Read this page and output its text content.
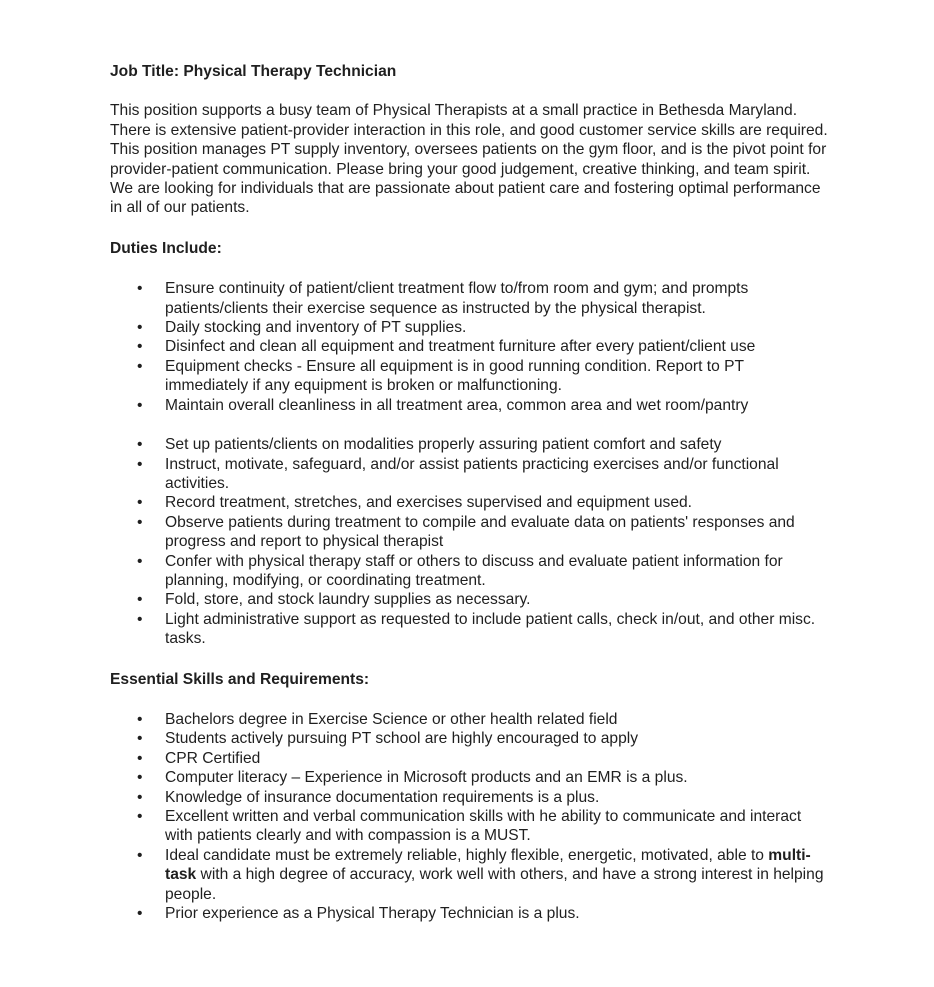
Job Title: Physical Therapy Technician

This position supports a busy team of Physical Therapists at a small practice in Bethesda Maryland. There is extensive patient-provider interaction in this role, and good customer service skills are required. This position manages PT supply inventory, oversees patients on the gym floor, and is the pivot point for provider-patient communication. Please bring your good judgement, creative thinking, and team spirit. We are looking for individuals that are passionate about patient care and fostering optimal performance in all of our patients.

Duties Include:

• Ensure continuity of patient/client treatment flow to/from room and gym; and prompts patients/clients their exercise sequence as instructed by the physical therapist.
• Daily stocking and inventory of PT supplies.
• Disinfect and clean all equipment and treatment furniture after every patient/client use
• Equipment checks - Ensure all equipment is in good running condition. Report to PT immediately if any equipment is broken or malfunctioning.
• Maintain overall cleanliness in all treatment area, common area and wet room/pantry
• Set up patients/clients on modalities properly assuring patient comfort and safety
• Instruct, motivate, safeguard, and/or assist patients practicing exercises and/or functional activities.
• Record treatment, stretches, and exercises supervised and equipment used.
• Observe patients during treatment to compile and evaluate data on patients' responses and progress and report to physical therapist
• Confer with physical therapy staff or others to discuss and evaluate patient information for planning, modifying, or coordinating treatment.
• Fold, store, and stock laundry supplies as necessary.
• Light administrative support as requested to include patient calls, check in/out, and other misc. tasks.

Essential Skills and Requirements:

• Bachelors degree in Exercise Science or other health related field
• Students actively pursuing PT school are highly encouraged to apply
• CPR Certified
• Computer literacy – Experience in Microsoft products and an EMR is a plus.
• Knowledge of insurance documentation requirements is a plus.
• Excellent written and verbal communication skills with he ability to communicate and interact with patients clearly and with compassion is a MUST.
• Ideal candidate must be extremely reliable, highly flexible, energetic, motivated, able to multi-task with a high degree of accuracy, work well with others, and have a strong interest in helping people.
• Prior experience as a Physical Therapy Technician is a plus.
